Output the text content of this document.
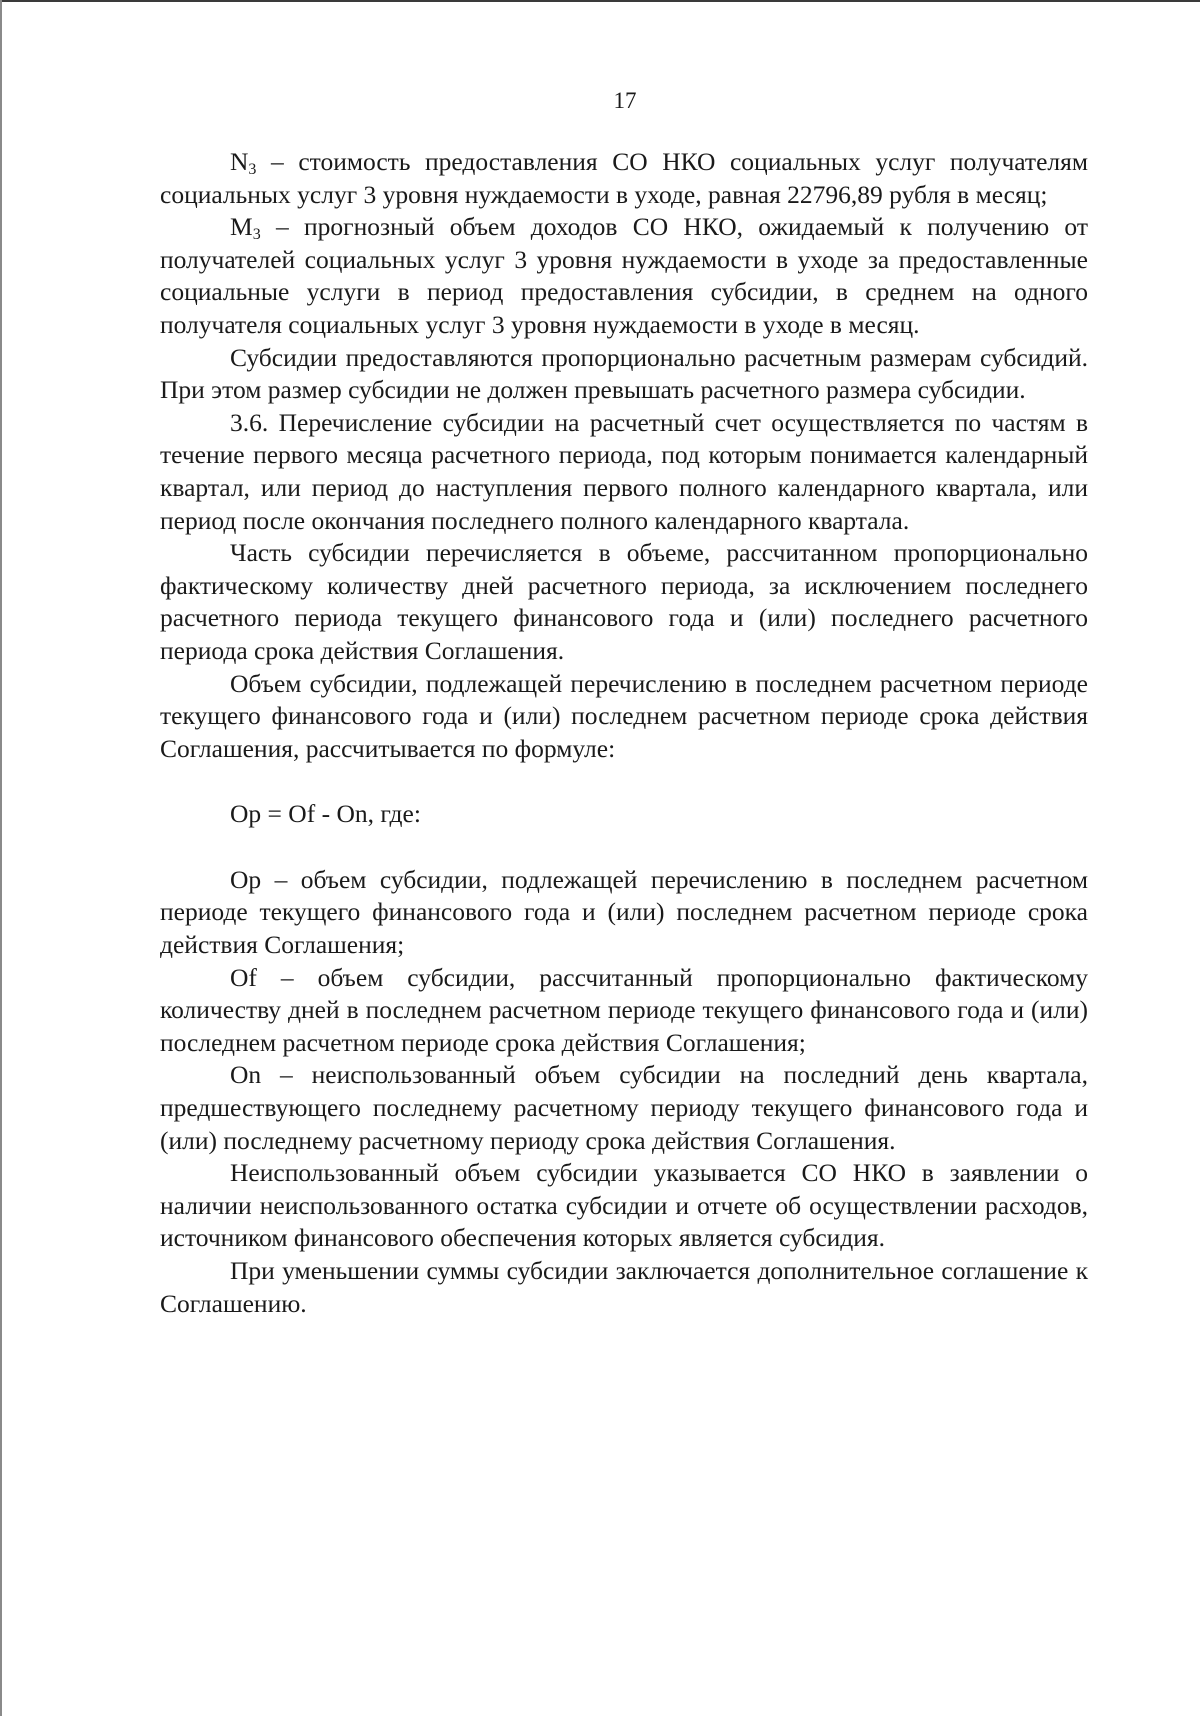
17

$N_3$ – стоимость предоставления СО НКО социальных услуг получателям социальных услуг 3 уровня нуждаемости в уходе, равная 22796,89 рубля в месяц;

$M_3$ – прогнозный объем доходов СО НКО, ожидаемый к получению от получателей социальных услуг 3 уровня нуждаемости в уходе за предоставленные социальные услуги в период предоставления субсидии, в среднем на одного получателя социальных услуг 3 уровня нуждаемости в уходе в месяц.

Субсидии предоставляются пропорционально расчетным размерам субсидий. При этом размер субсидии не должен превышать расчетного размера субсидии.

3.6. Перечисление субсидии на расчетный счет осуществляется по частям в течение первого месяца расчетного периода, под которым понимается календарный квартал, или период до наступления первого полного календарного квартала, или период после окончания последнего полного календарного квартала.

Часть субсидии перечисляется в объеме, рассчитанном пропорционально фактическому количеству дней расчетного периода, за исключением последнего расчетного периода текущего финансового года и (или) последнего расчетного периода срока действия Соглашения.

Объем субсидии, подлежащей перечислению в последнем расчетном периоде текущего финансового года и (или) последнем расчетном периоде срока действия Соглашения, рассчитывается по формуле:

Op = Of - On, где:

Op – объем субсидии, подлежащей перечислению в последнем расчетном периоде текущего финансового года и (или) последнем расчетном периоде срока действия Соглашения;

Of – объем субсидии, рассчитанный пропорционально фактическому количеству дней в последнем расчетном периоде текущего финансового года и (или) последнем расчетном периоде срока действия Соглашения;

On – неиспользованный объем субсидии на последний день квартала, предшествующего последнему расчетному периоду текущего финансового года и (или) последнему расчетному периоду срока действия Соглашения.

Неиспользованный объем субсидии указывается СО НКО в заявлении о наличии неиспользованного остатка субсидии и отчете об осуществлении расходов, источником финансового обеспечения которых является субсидия.

При уменьшении суммы субсидии заключается дополнительное соглашение к Соглашению.
